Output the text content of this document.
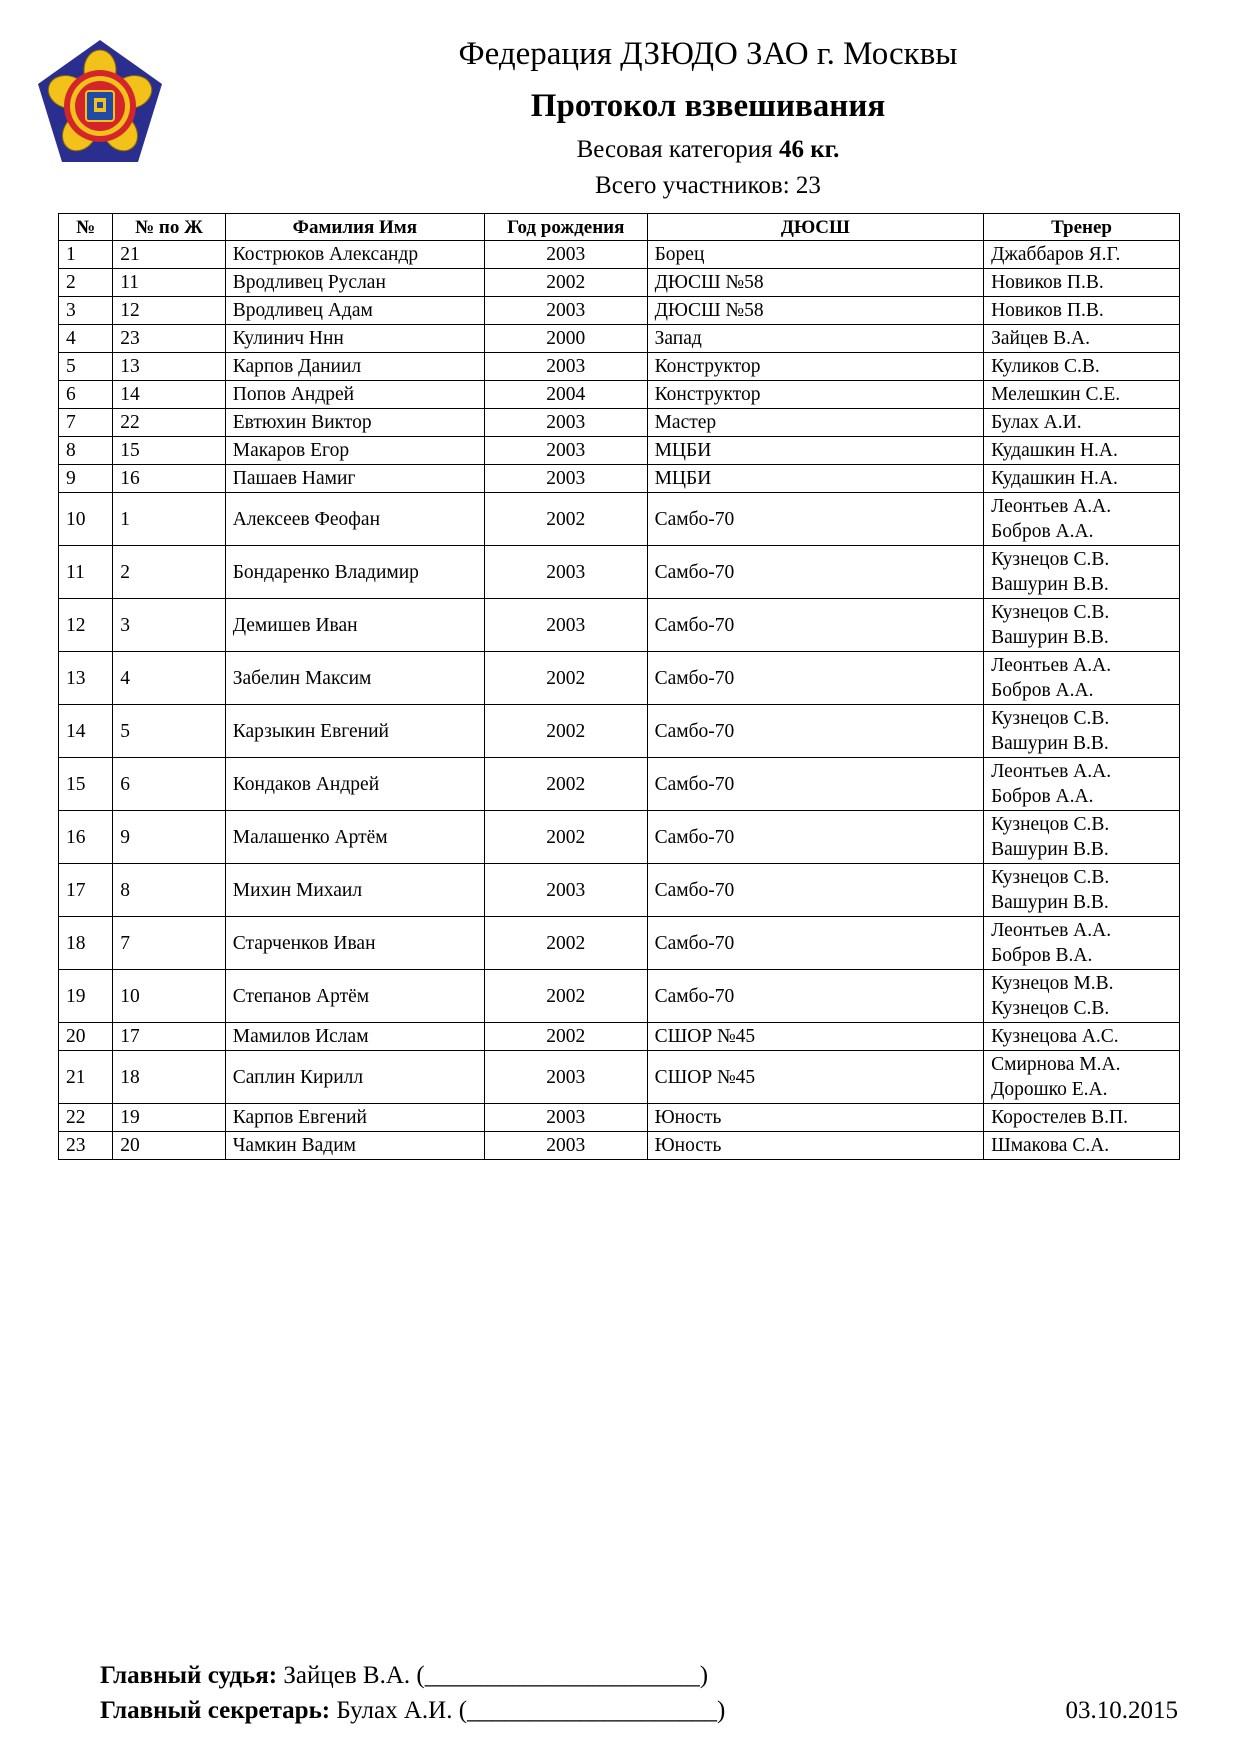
Федерация ДЗЮДО ЗАО г. Москвы
Протокол взвешивания
Весовая категория 46 кг.
Всего участников: 23
№	№ по Ж	Фамилия Имя	Год рождения	ДЮСШ	Тренер
1	21	Кострюков Александр	2003	Борец	Джаббаров Я.Г.

2	11	Вродливец Руслан	2002	ДЮСШ №58	Новиков П.В.

3	12	Вродливец Адам	2003	ДЮСШ №58	Новиков П.В.

4	23	Кулинич Ннн	2000	Запад	Зайцев В.А.

5	13	Карпов Даниил	2003	Конструктор	Куликов С.В.

6	14	Попов Андрей	2004	Конструктор	Мелешкин С.Е.

7	22	Евтюхин Виктор	2003	Мастер	Булах А.И.

8	15	Макаров Егор	2003	МЦБИ	Кудашкин Н.А.

9	16	Пашаев Намиг	2003	МЦБИ	Кудашкин Н.А.

10	1	Алексеев Феофан	2002	Самбо-70	Леонтьев А.А.
Бобров А.А.

11	2	Бондаренко Владимир	2003	Самбо-70	Кузнецов С.В.
Вашурин В.В.

12	3	Демишев Иван	2003	Самбо-70	Кузнецов С.В.
Вашурин В.В.

13	4	Забелин Максим	2002	Самбо-70	Леонтьев А.А.
Бобров А.А.

14	5	Карзыкин Евгений	2002	Самбо-70	Кузнецов С.В.
Вашурин В.В.

15	6	Кондаков Андрей	2002	Самбо-70	Леонтьев А.А.
Бобров А.А.

16	9	Малашенко Артём	2002	Самбо-70	Кузнецов С.В.
Вашурин В.В.

17	8	Михин Михаил	2003	Самбо-70	Кузнецов С.В.
Вашурин В.В.

18	7	Старченков Иван	2002	Самбо-70	Леонтьев А.А.
Бобров В.А.

19	10	Степанов Артём	2002	Самбо-70	Кузнецов М.В.
Кузнецов С.В.

20	17	Мамилов Ислам	2002	СШОР №45	Кузнецова А.С.

21	18	Саплин Кирилл	2003	СШОР №45	Смирнова М.А.
Дорошко Е.А.

22	19	Карпов Евгений	2003	Юность	Коростелев В.П.

23	20	Чамкин Вадим	2003	Юность	Шмакова С.А.
Главный судья: Зайцев В.А. (______________________)
Главный секретарь: Булах А.И. (____________________)	03.10.2015
